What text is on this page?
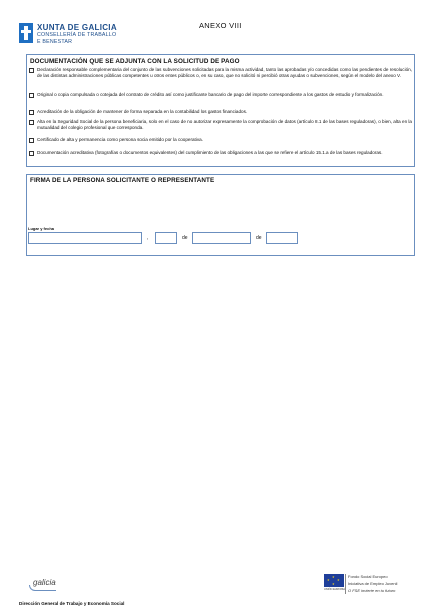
XUNTA DE GALICIA
CONSELLERÍA DE TRABALLO
E BENESTAR
ANEXO VIII
DOCUMENTACIÓN QUE SE ADJUNTA CON LA SOLICITUD DE PAGO
Declaración responsable complementaria del conjunto de las subvenciones solicitadas para la misma actividad, tanto las aprobadas y/o concedidas como las pendientes de resolución, de las distintas administraciones públicas competentes u otros entes públicos o, en su caso, que no solicitó ni percibió otras ayudas o subvenciones, según el modelo del anexo V.
Original o copia compulsada o cotejada del contrato de crédito así como justificante bancario de pago del importe correspondiente a los gastos de estudio y formalización.
Acreditación de la obligación de mantener de forma separada en la contabilidad los gastos financiados.
Alta en la Seguridad Social de la persona beneficiaria, solo en el caso de no autorizar expresamente la comprobación de datos (artículo 8.1 de las bases reguladoras), o bien, alta en la mutualidad del colegio profesional que corresponda.
Certificado de alta y permanencia como persona socia emitido por la cooperativa.
Documentación acreditativa (fotografías o documentos equivalentes) del cumplimiento de las obligaciones a las que se refiere el artículo 15.1.a de las bases reguladoras.
FIRMA DE LA PERSONA SOLICITANTE O REPRESENTANTE
Lugar y fecha
,	de	de
galicia
★
★ ★
★
UNIÓN EUROPEA
Fondo Social Europeo
Iniciativa de Empleo Juvenil
O FSE invierte en tu futuro
Dirección General de Trabajo y Economía Social
